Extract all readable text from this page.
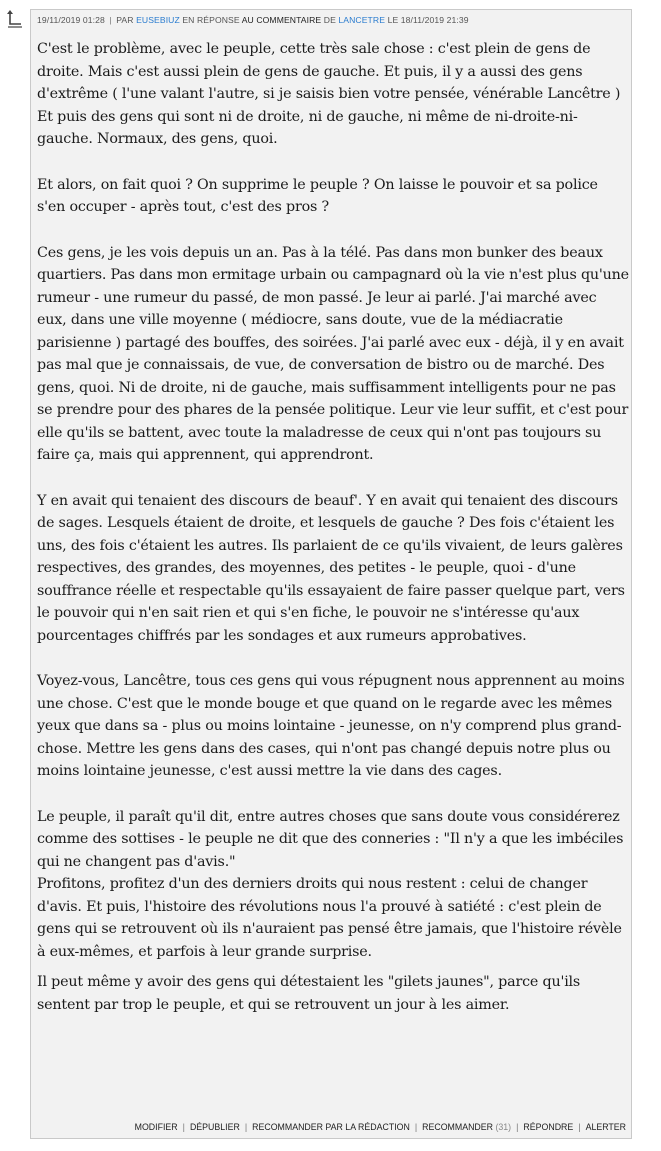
19/11/2019 01:28 | PAR EUSEBIUZ EN RÉPONSE AU COMMENTAIRE DE LANCETRE LE 18/11/2019 21:39

C'est le problème, avec le peuple, cette très sale chose : c'est plein de gens de droite. Mais c'est aussi plein de gens de gauche. Et puis, il y a aussi des gens d'extrême ( l'une valant l'autre, si je saisis bien votre pensée, vénérable Lancêtre ) Et puis des gens qui sont ni de droite, ni de gauche, ni même de ni-droite-ni-gauche. Normaux, des gens, quoi.

Et alors, on fait quoi ? On supprime le peuple ? On laisse le pouvoir et sa police s'en occuper - après tout, c'est des pros ?

Ces gens, je les vois depuis un an. Pas à la télé. Pas dans mon bunker des beaux quartiers. Pas dans mon ermitage urbain ou campagnard où la vie n'est plus qu'une rumeur - une rumeur du passé, de mon passé. Je leur ai parlé. J'ai marché avec eux, dans une ville moyenne ( médiocre, sans doute, vue de la médiacratie parisienne ) partagé des bouffes, des soirées. J'ai parlé avec eux - déjà, il y en avait pas mal que je connaissais, de vue, de conversation de bistro ou de marché. Des gens, quoi. Ni de droite, ni de gauche, mais suffisamment intelligents pour ne pas se prendre pour des phares de la pensée politique. Leur vie leur suffit, et c'est pour elle qu'ils se battent, avec toute la maladresse de ceux qui n'ont pas toujours su faire ça, mais qui apprennent, qui apprendront.

Y en avait qui tenaient des discours de beauf'. Y en avait qui tenaient des discours de sages. Lesquels étaient de droite, et lesquels de gauche ? Des fois c'étaient les uns, des fois c'étaient les autres. Ils parlaient de ce qu'ils vivaient, de leurs galères respectives, des grandes, des moyennes, des petites - le peuple, quoi - d'une souffrance réelle et respectable qu'ils essayaient de faire passer quelque part, vers le pouvoir qui n'en sait rien et qui s'en fiche, le pouvoir ne s'intéresse qu'aux pourcentages chiffrés par les sondages et aux rumeurs approbatives.

Voyez-vous, Lancêtre, tous ces gens qui vous répugnent nous apprennent au moins une chose. C'est que le monde bouge et que quand on le regarde avec les mêmes yeux que dans sa - plus ou moins lointaine - jeunesse, on n'y comprend plus grand-chose. Mettre les gens dans des cases, qui n'ont pas changé depuis notre plus ou moins lointaine jeunesse, c'est aussi mettre la vie dans des cages.

Le peuple, il paraît qu'il dit, entre autres choses que sans doute vous considérerez comme des sottises - le peuple ne dit que des conneries : "Il n'y a que les imbéciles qui ne changent pas d'avis."

Profitons, profitez d'un des derniers droits qui nous restent : celui de changer d'avis. Et puis, l'histoire des révolutions nous l'a prouvé à satiété : c'est plein de gens qui se retrouvent où ils n'auraient pas pensé être jamais, que l'histoire révèle à eux-mêmes, et parfois à leur grande surprise.

Il peut même y avoir des gens qui détestaient les "gilets jaunes", parce qu'ils sentent par trop le peuple, et qui se retrouvent un jour à les aimer.

MODIFIER | DÉPUBLIER | RECOMMANDER PAR LA RÉDACTION | RECOMMANDER (31) | RÉPONDRE | ALERTER
